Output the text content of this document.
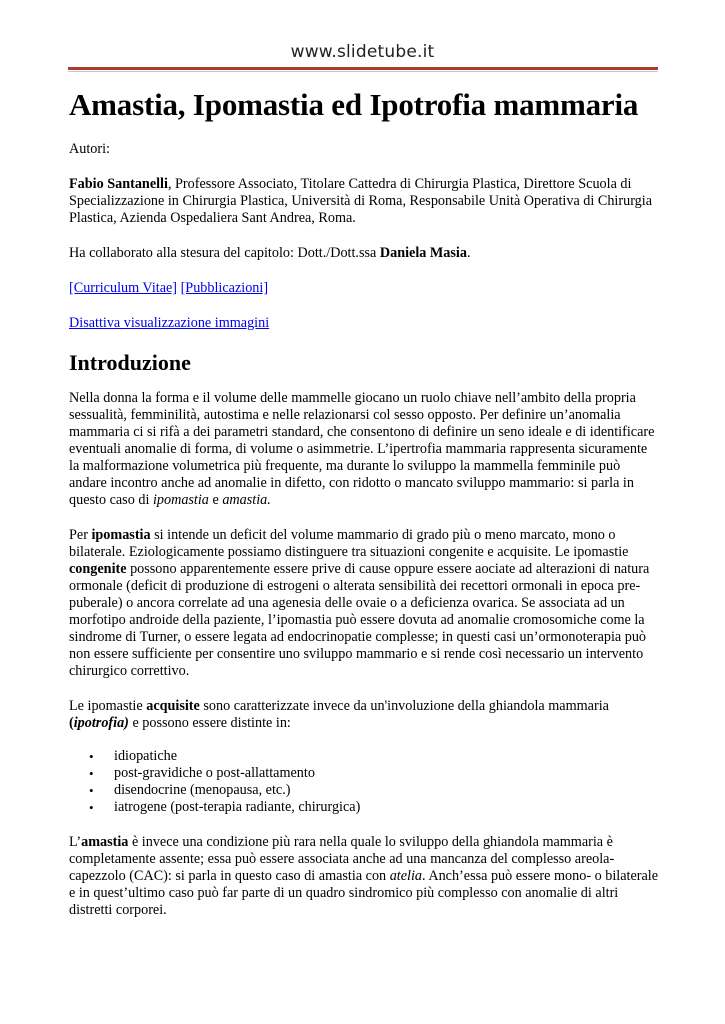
www.slidetube.it
Amastia, Ipomastia ed Ipotrofia mammaria

Autori:

Fabio Santanelli, Professore Associato, Titolare Cattedra di Chirurgia Plastica, Direttore Scuola di Specializzazione in Chirurgia Plastica, Università di Roma, Responsabile Unità Operativa di Chirurgia Plastica, Azienda Ospedaliera Sant Andrea, Roma.

Ha collaborato alla stesura del capitolo: Dott./Dott.ssa Daniela Masia.

[Curriculum Vitae] [Pubblicazioni]

Disattiva visualizzazione immagini

Introduzione

Nella donna la forma e il volume delle mammelle giocano un ruolo chiave nell’ambito della propria sessualità, femminilità, autostima e nelle relazionarsi col sesso opposto. Per definire un’anomalia mammaria ci si rifà a dei parametri standard, che consentono di definire un seno ideale e di identificare eventuali anomalie di forma, di volume o asimmetrie. L’ipertrofia mammaria rappresenta sicuramente la malformazione volumetrica più frequente, ma durante lo sviluppo la mammella femminile può andare incontro anche ad anomalie in difetto, con ridotto o mancato sviluppo mammario: si parla in questo caso di ipomastia e amastia.

Per ipomastia si intende un deficit del volume mammario di grado più o meno marcato, mono o bilaterale. Eziologicamente possiamo distinguere tra situazioni congenite e acquisite. Le ipomastie congenite possono apparentemente essere prive di cause oppure essere aociate ad alterazioni di natura ormonale (deficit di produzione di estrogeni o alterata sensibilità dei recettori ormonali in epoca pre-puberale) o ancora correlate ad una agenesia delle ovaie o a deficienza ovarica. Se associata ad un morfotipo androide della paziente, l’ipomastia può essere dovuta ad anomalie cromosomiche come la sindrome di Turner, o essere legata ad endocrinopatie complesse; in questi casi un’ormonoterapia può non essere sufficiente per consentire uno sviluppo mammario e si rende così necessario un intervento chirurgico correttivo.

Le ipomastie acquisite sono caratterizzate invece da un'involuzione della ghiandola mammaria
(ipotrofia) e possono essere distinte in:

• idiopatiche
• post-gravidiche o post-allattamento
• disendocrine (menopausa, etc.)
• iatrogene (post-terapia radiante, chirurgica)

L’amastia è invece una condizione più rara nella quale lo sviluppo della ghiandola mammaria è completamente assente; essa può essere associata anche ad una mancanza del complesso areola-capezzolo (CAC): si parla in questo caso di amastia con atelia. Anch’essa può essere mono- o bilaterale e in quest’ultimo caso può far parte di un quadro sindromico più complesso con anomalie di altri distretti corporei.
